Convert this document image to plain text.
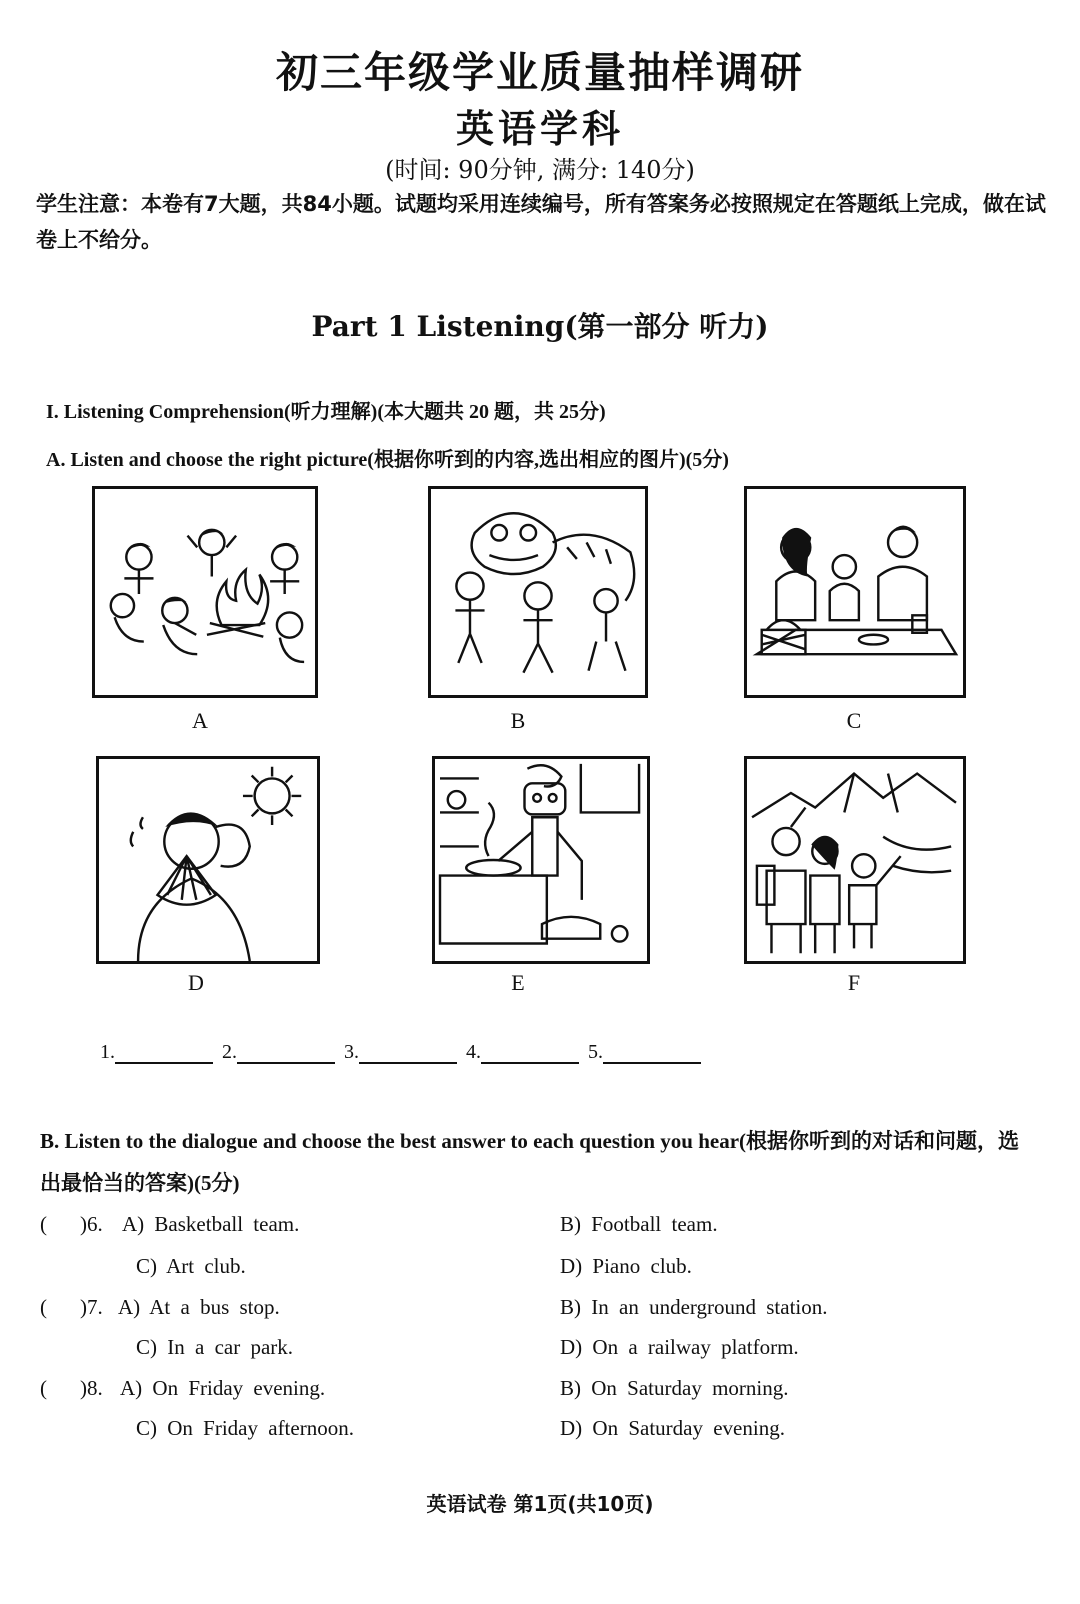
初三年级学业质量抽样调研
英语学科
(时间: 90分钟, 满分: 140分)
学生注意：本卷有7大题，共84小题。试题均采用连续编号，所有答案务必按照规定在答题纸上完成，做在试卷上不给分。
Part 1 Listening(第一部分 听力)
I. Listening Comprehension(听力理解)(本大题共 20 题，共 25分)
A. Listen and choose the right picture(根据你听到的内容,选出相应的图片)(5分)
A	B	C
D	E	F
1.	2.	3.	4.	5.
B. Listen to the dialogue and choose the best answer to each question you hear(根据你听到的对话和问题，选出最恰当的答案)(5分)
( )6. A) Basketball team.	B) Football team.
C) Art club.	D) Piano club.
( )7. A) At a bus stop.	B) In an underground station.
C) In a car park.	D) On a railway platform.
( )8. A) On Friday evening.	B) On Saturday morning.
C) On Friday afternoon.	D) On Saturday evening.
英语试卷 第1页(共10页)
